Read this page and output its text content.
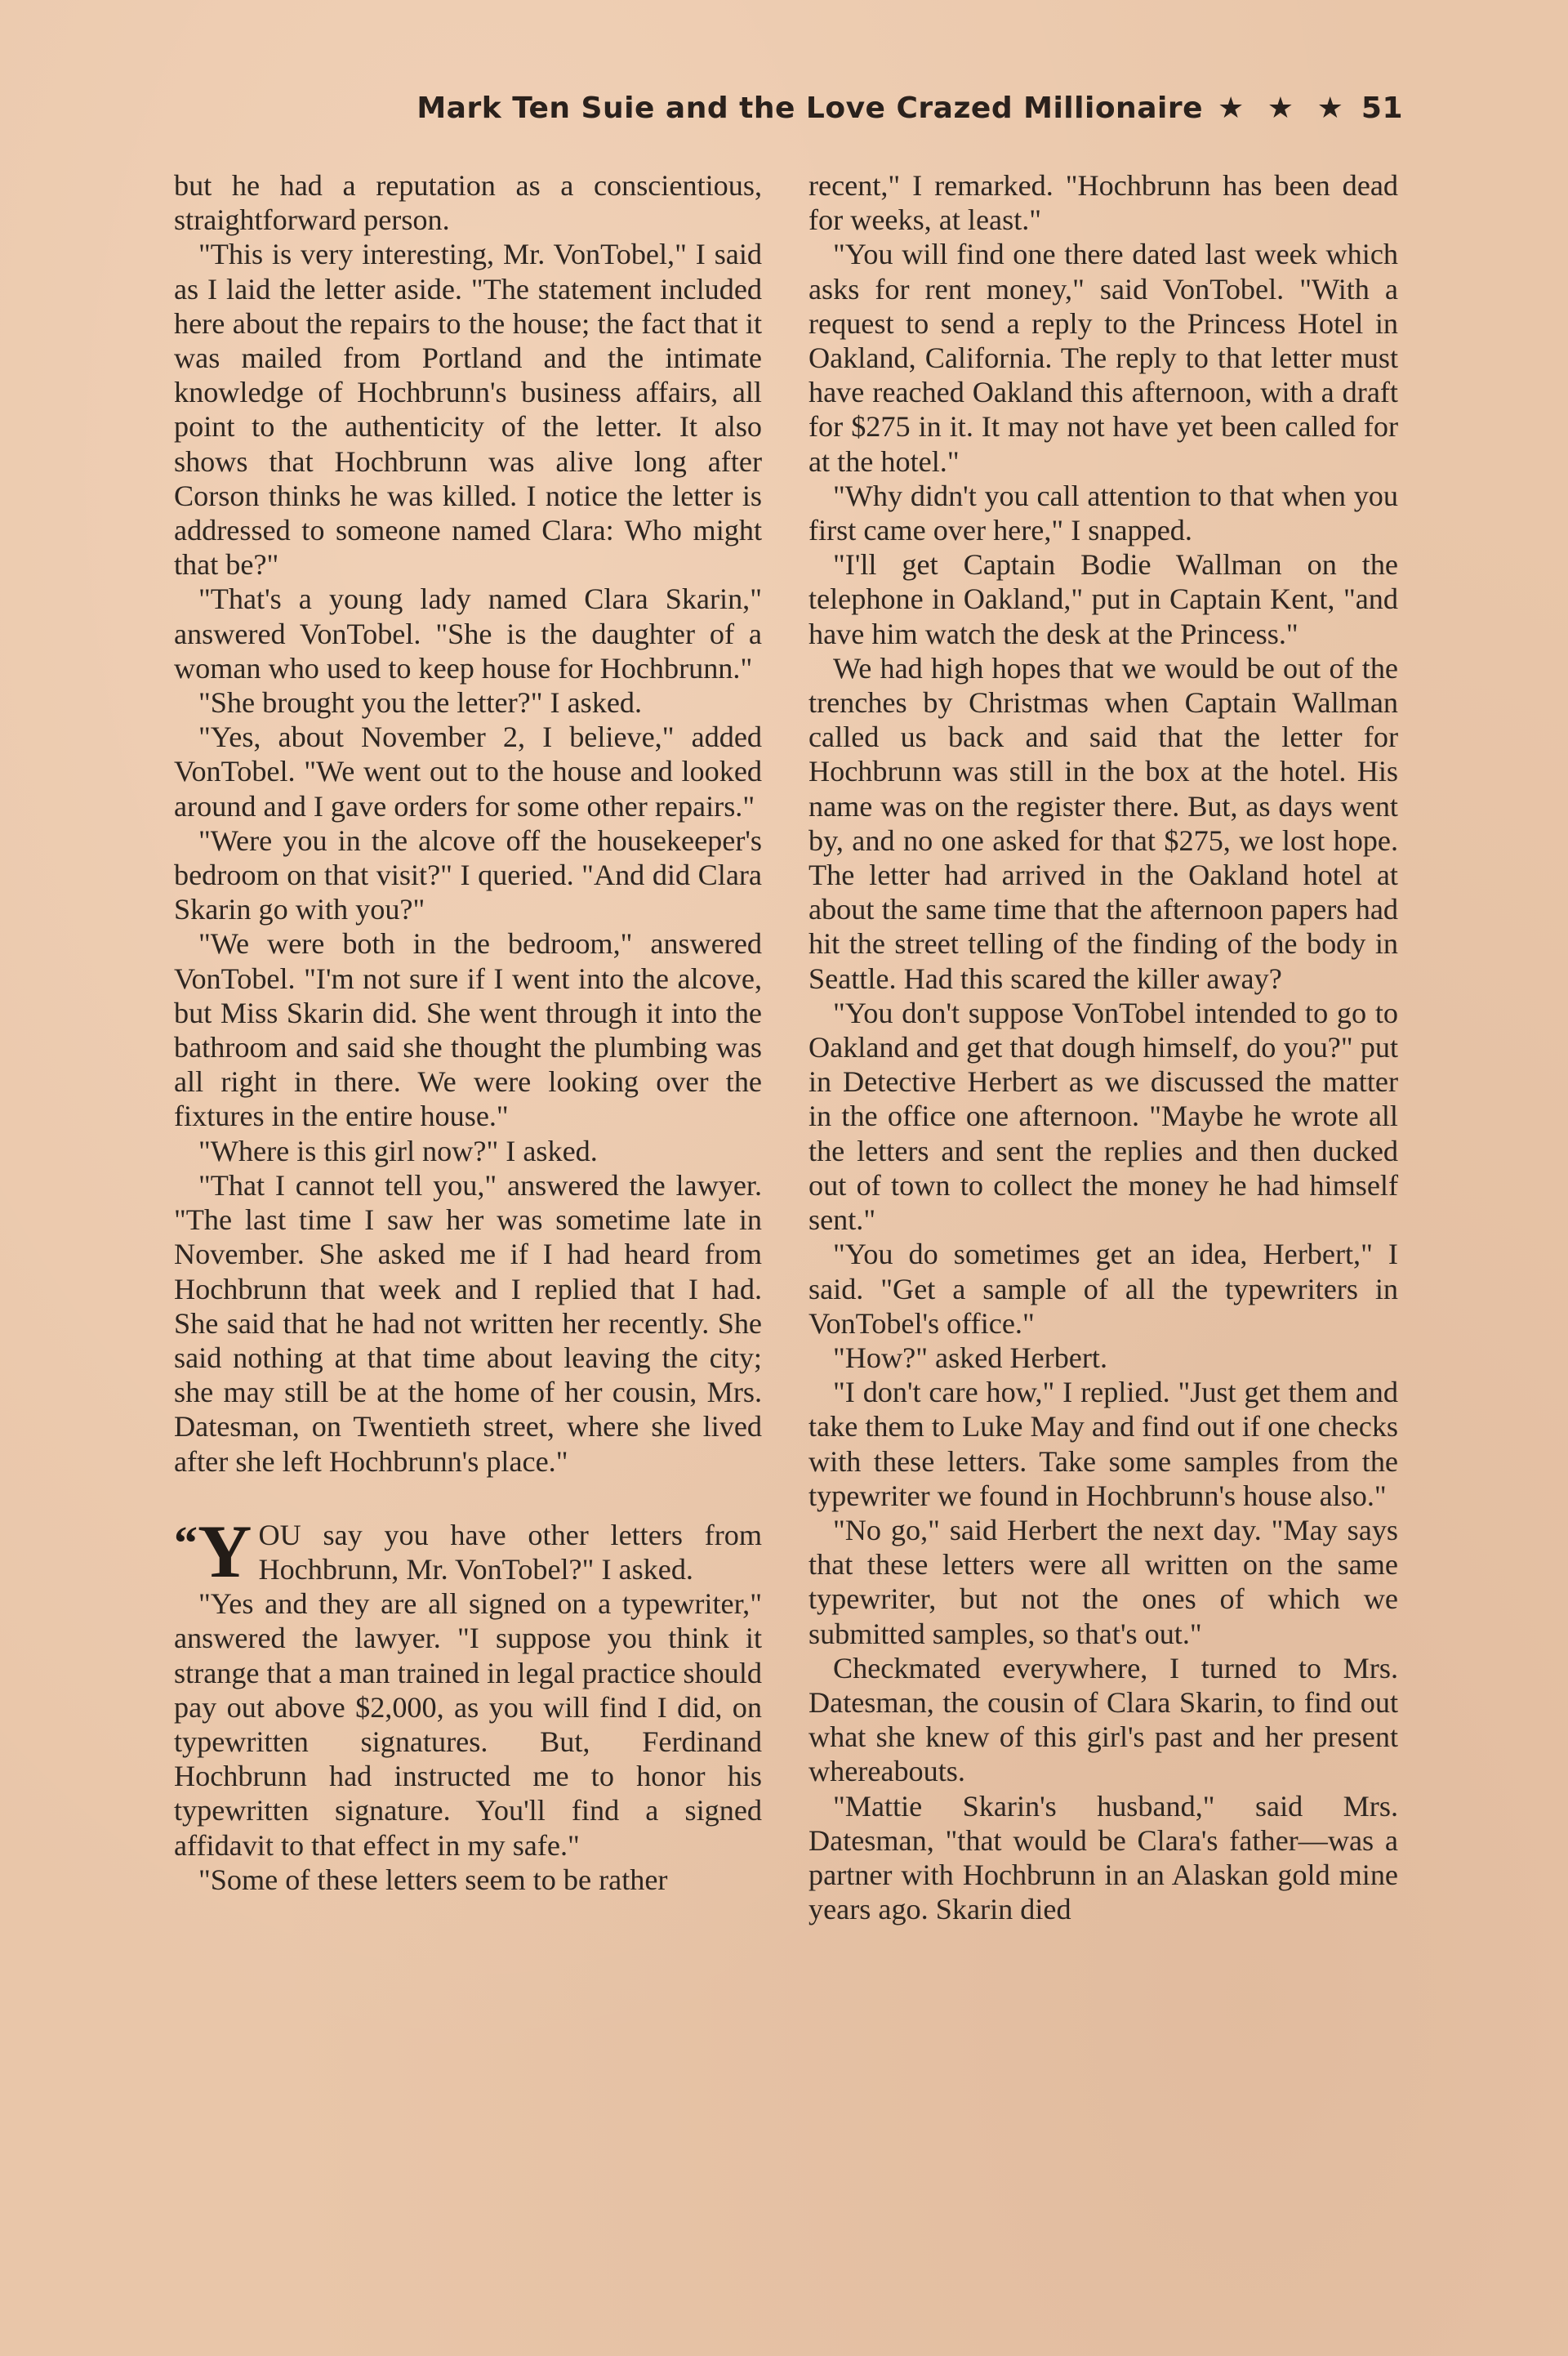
Mark Ten Suie and the Love Crazed Millionaire ★ ★ ★ 51

but he had a reputation as a conscientious, straightforward person.

"This is very interesting, Mr. VonTobel," I said as I laid the letter aside. "The statement included here about the repairs to the house; the fact that it was mailed from Portland and the intimate knowledge of Hochbrunn's business affairs, all point to the authenticity of the letter. It also shows that Hochbrunn was alive long after Corson thinks he was killed. I notice the letter is addressed to someone named Clara: Who might that be?"

"That's a young lady named Clara Skarin," answered VonTobel. "She is the daughter of a woman who used to keep house for Hochbrunn."

"She brought you the letter?" I asked.

"Yes, about November 2, I believe," added VonTobel. "We went out to the house and looked around and I gave orders for some other repairs."

"Were you in the alcove off the housekeeper's bedroom on that visit?" I queried. "And did Clara Skarin go with you?"

"We were both in the bedroom," answered VonTobel. "I'm not sure if I went into the alcove, but Miss Skarin did. She went through it into the bathroom and said she thought the plumbing was all right in there. We were looking over the fixtures in the entire house."

"Where is this girl now?" I asked.

"That I cannot tell you," answered the lawyer. "The last time I saw her was sometime late in November. She asked me if I had heard from Hochbrunn that week and I replied that I had. She said that he had not written her recently. She said nothing at that time about leaving the city; she may still be at the home of her cousin, Mrs. Datesman, on Twentieth street, where she lived after she left Hochbrunn's place."

“Y OU say you have other letters from Hochbrunn, Mr. VonTobel?" I asked.

"Yes and they are all signed on a typewriter," answered the lawyer. "I suppose you think it strange that a man trained in legal practice should pay out above $2,000, as you will find I did, on typewritten signatures. But, Ferdinand Hochbrunn had instructed me to honor his typewritten signature. You'll find a signed affidavit to that effect in my safe."

"Some of these letters seem to be rather

recent," I remarked. "Hochbrunn has been dead for weeks, at least."

"You will find one there dated last week which asks for rent money," said VonTobel. "With a request to send a reply to the Princess Hotel in Oakland, California. The reply to that letter must have reached Oakland this afternoon, with a draft for $275 in it. It may not have yet been called for at the hotel."

"Why didn't you call attention to that when you first came over here," I snapped.

"I'll get Captain Bodie Wallman on the telephone in Oakland," put in Captain Kent, "and have him watch the desk at the Princess."

We had high hopes that we would be out of the trenches by Christmas when Captain Wallman called us back and said that the letter for Hochbrunn was still in the box at the hotel. His name was on the register there. But, as days went by, and no one asked for that $275, we lost hope. The letter had arrived in the Oakland hotel at about the same time that the afternoon papers had hit the street telling of the finding of the body in Seattle. Had this scared the killer away?

"You don't suppose VonTobel intended to go to Oakland and get that dough himself, do you?" put in Detective Herbert as we discussed the matter in the office one afternoon. "Maybe he wrote all the letters and sent the replies and then ducked out of town to collect the money he had himself sent."

"You do sometimes get an idea, Herbert," I said. "Get a sample of all the typewriters in VonTobel's office."

"How?" asked Herbert.

"I don't care how," I replied. "Just get them and take them to Luke May and find out if one checks with these letters. Take some samples from the typewriter we found in Hochbrunn's house also."

"No go," said Herbert the next day. "May says that these letters were all written on the same typewriter, but not the ones of which we submitted samples, so that's out."

Checkmated everywhere, I turned to Mrs. Datesman, the cousin of Clara Skarin, to find out what she knew of this girl's past and her present whereabouts.

"Mattie Skarin's husband," said Mrs. Datesman, "that would be Clara's father—was a partner with Hochbrunn in an Alaskan gold mine years ago. Skarin died
